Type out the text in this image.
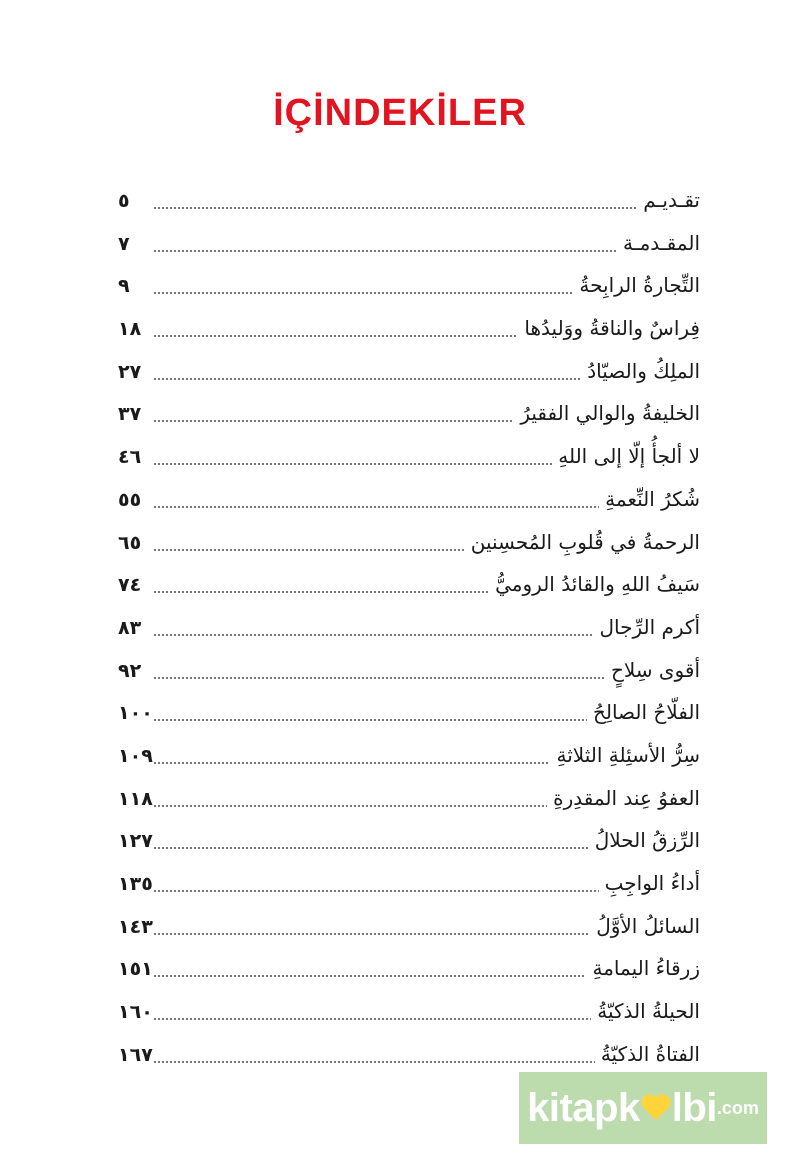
İÇİNDEKİLER
٥	تقـديـم
٧	المقـدمـة
٩	التِّجارةُ الرابِحةُ
١٨	فِراسٌ والناقةُ ووَليدُها
٢٧	الملِكُ والصيّادُ
٣٧	الخليفةُ والوالي الفقيرُ
٤٦	لا ألجأُ إلّا إلى اللهِ
٥٥	شُكرُ النِّعمةِ
٦٥	الرحمةُ في قُلوبِ المُحسِنين
٧٤	سَيفُ اللهِ والقائدُ الروميُّ
٨٣	أكرم الرِّجال
٩٢	أقوى سِلاحٍ
١٠٠	الفلّاحُ الصالِحُ
١٠٩	سِرُّ الأسئِلةِ الثلاثةِ
١١٨	العفوُ عِند المقدِرةِ
١٢٧	الرِّزقُ الحلالُ
١٣٥	أداءُ الواجِبِ
١٤٣	السائلُ الأوَّلُ
١٥١	زرقاءُ اليمامةِ
١٦٠	الحيلةُ الذكيّةُ
١٦٧	الفتاةُ الذكيّةُ
kitapk lbi .com
